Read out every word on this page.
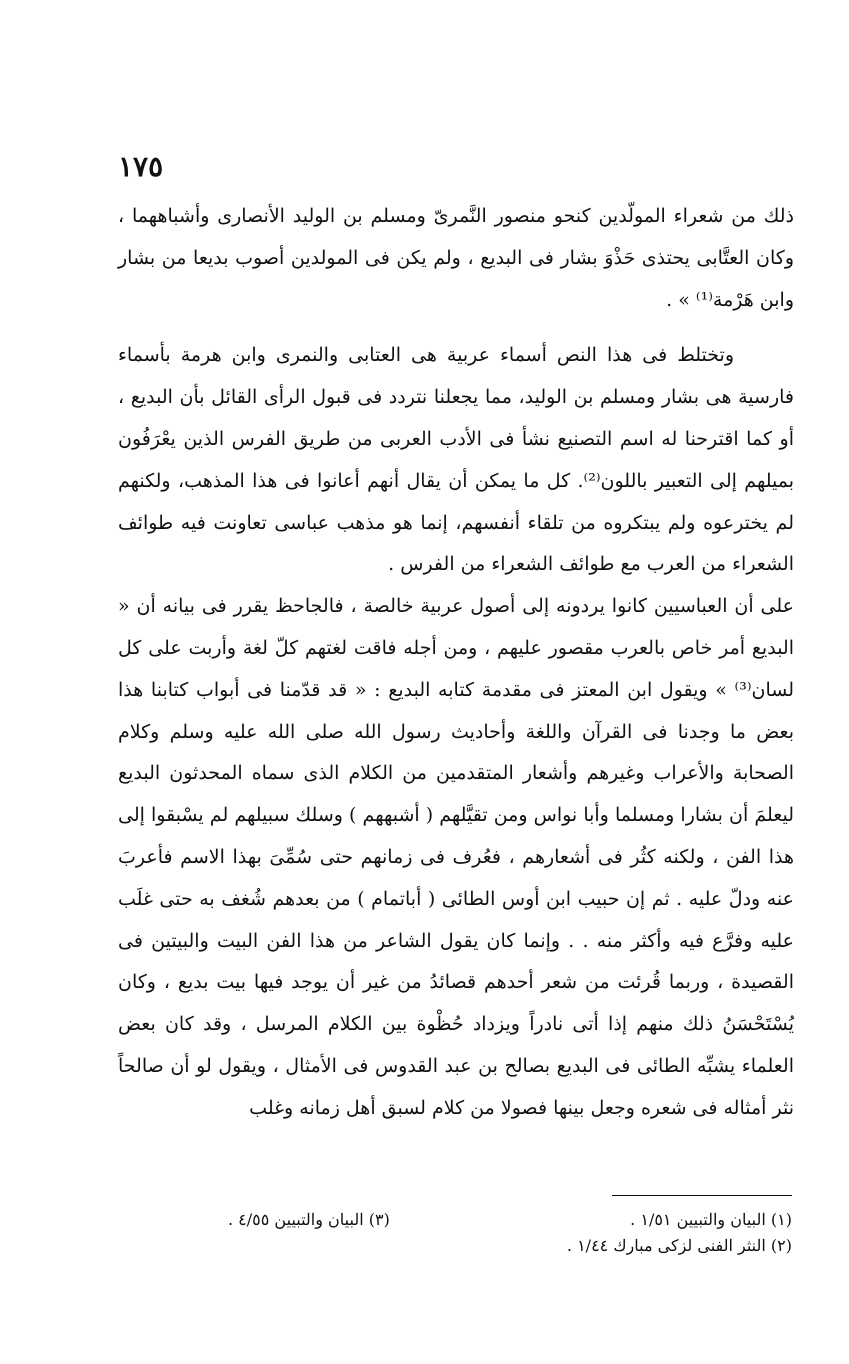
١٧٥

ذلك من شعراء المولّدين كنحو منصور النَّمرىّ ومسلم بن الوليد الأنصارى وأشباههما ، وكان العتَّابى يحتذى حَذْوَ بشار فى البديع ، ولم يكن فى المولدين أصوب بديعا من بشار وابن هَرْمة⁽¹⁾ » .

وتختلط فى هذا النص أسماء عربية هى العتابى والنمرى وابن هرمة بأسماء فارسية هى بشار ومسلم بن الوليد، مما يجعلنا نتردد فى قبول الرأى القائل بأن البديع ، أو كما اقترحنا له اسم التصنيع نشأ فى الأدب العربى من طريق الفرس الذين يعْرَفُون بميلهم إلى التعبير باللون⁽²⁾. كل ما يمكن أن يقال أنهم أعانوا فى هذا المذهب، ولكنهم لم يخترعوه ولم يبتكروه من تلقاء أنفسهم، إنما هو مذهب عباسى تعاونت فيه طوائف الشعراء من العرب مع طوائف الشعراء من الفرس .

على أن العباسيين كانوا يردونه إلى أصول عربية خالصة ، فالجاحظ يقرر فى بيانه أن « البديع أمر خاص بالعرب مقصور عليهم ، ومن أجله فاقت لغتهم كلّ لغة وأربت على كل لسان⁽³⁾ » ويقول ابن المعتز فى مقدمة كتابه البديع : « قد قدّمنا فى أبواب كتابنا هذا بعض ما وجدنا فى القرآن واللغة وأحاديث رسول الله صلى الله عليه وسلم وكلام الصحابة والأعراب وغيرهم وأشعار المتقدمين من الكلام الذى سماه المحدثون البديع ليعلمَ أن بشارا ومسلما وأبا نواس ومن تقيَّلهم ( أشبههم ) وسلك سبيلهم لم يسْبقوا إلى هذا الفن ، ولكنه كثُر فى أشعارهم ، فعُرف فى زمانهم حتى سُمِّىَ بهذا الاسم فأعربَ عنه ودلّ عليه . ثم إن حبيب ابن أوس الطائى ( أباتمام ) من بعدهم شُغف به حتى غلَب عليه وفرَّع فيه وأكثر منه . . وإنما كان يقول الشاعر من هذا الفن البيت والبيتين فى القصيدة ، وربما قُرئت من شعر أحدهم قصائدُ من غير أن يوجد فيها بيت بديع ، وكان يُسْتَحْسَنُ ذلك منهم إذا أتى نادراً ويزداد حُظْوة بين الكلام المرسل ، وقد كان بعض العلماء يشبِّه الطائى فى البديع بصالح بن عبد القدوس فى الأمثال ، ويقول لو أن صالحاً نثر أمثاله فى شعره وجعل بينها فصولا من كلام لسبق أهل زمانه وغلب

(١) البيان والتبيين ١/٥١ .
(٣) البيان والتبيين ٤/٥٥ .
(٢) النثر الفنى لزكى مبارك ١/٤٤ .
